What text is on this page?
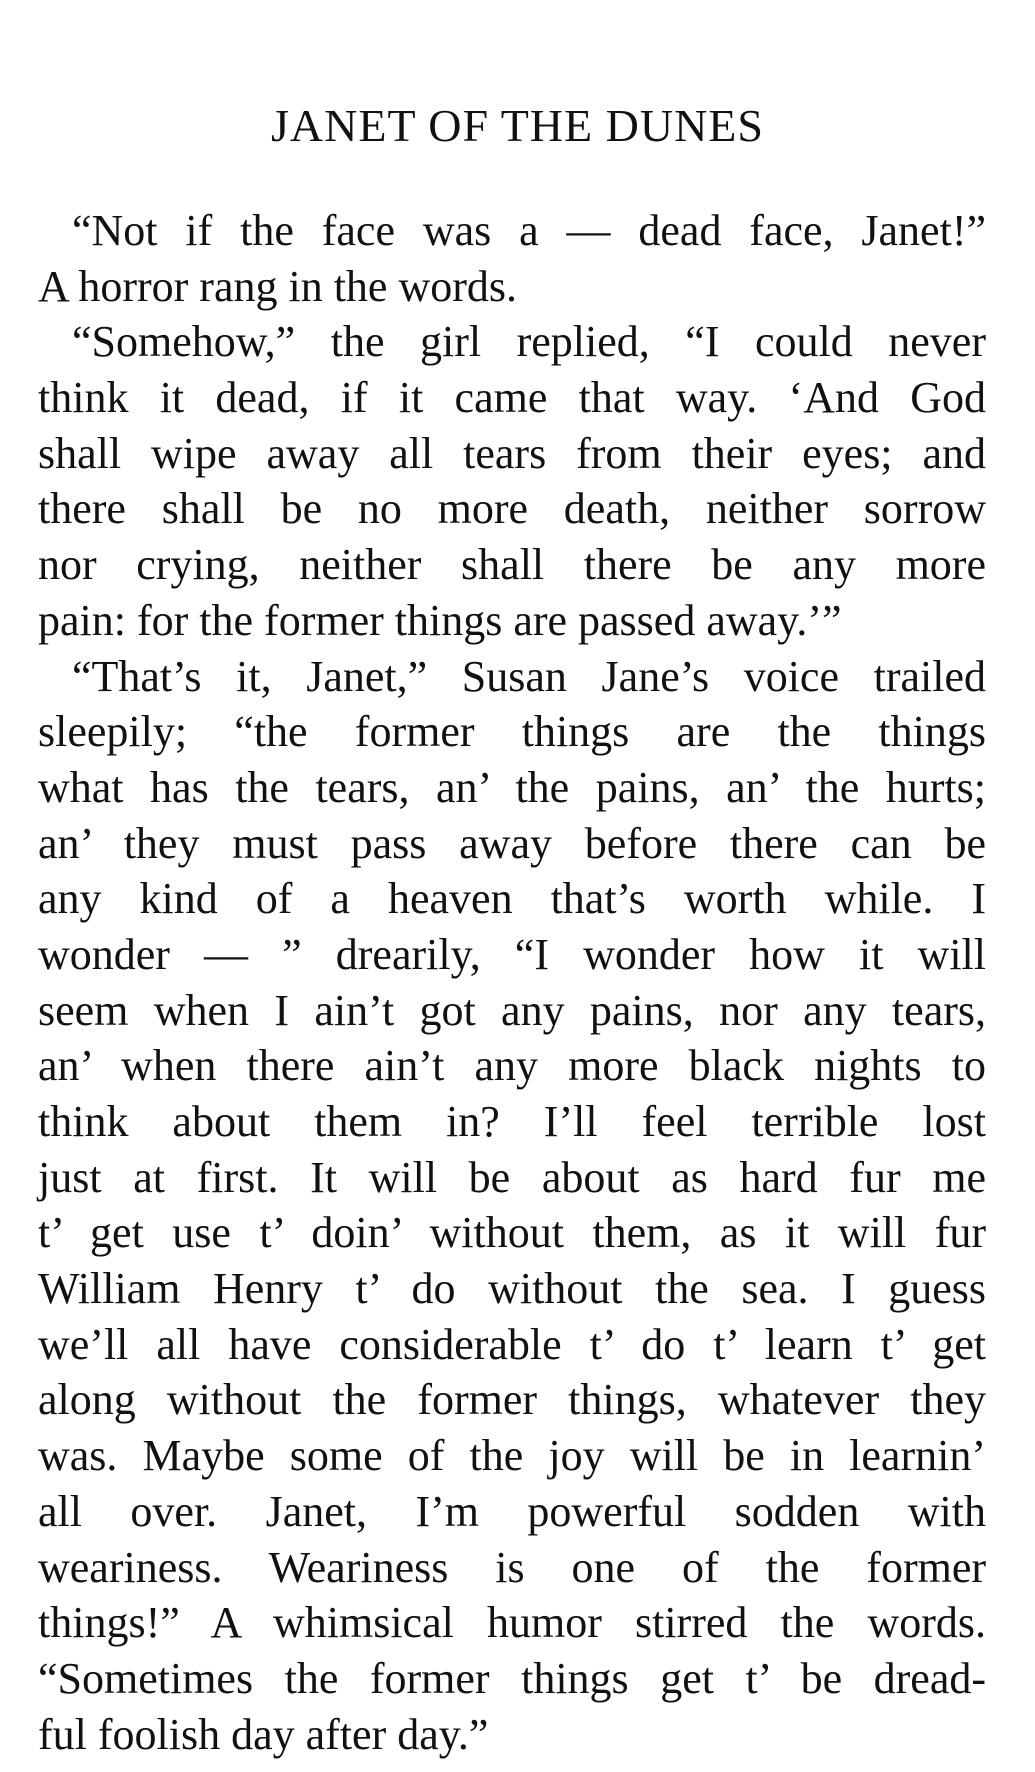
JANET OF THE DUNES
“Not if the face was a — dead face, Janet!”
A horror rang in the words.
“Somehow,” the girl replied, “I could never
think it dead, if it came that way. ‘And God
shall wipe away all tears from their eyes; and
there shall be no more death, neither sorrow
nor crying, neither shall there be any more
pain: for the former things are passed away.’”
“That’s it, Janet,” Susan Jane’s voice trailed
sleepily; “the former things are the things
what has the tears, an’ the pains, an’ the hurts;
an’ they must pass away before there can be
any kind of a heaven that’s worth while. I
wonder — ” drearily, “I wonder how it will
seem when I ain’t got any pains, nor any tears,
an’ when there ain’t any more black nights to
think about them in? I’ll feel terrible lost
just at first. It will be about as hard fur me
t’ get use t’ doin’ without them, as it will fur
William Henry t’ do without the sea. I guess
we’ll all have considerable t’ do t’ learn t’ get
along without the former things, whatever they
was. Maybe some of the joy will be in learnin’
all over. Janet, I’m powerful sodden with
weariness. Weariness is one of the former
things!” A whimsical humor stirred the words.
“Sometimes the former things get t’ be dread-
ful foolish day after day.”
